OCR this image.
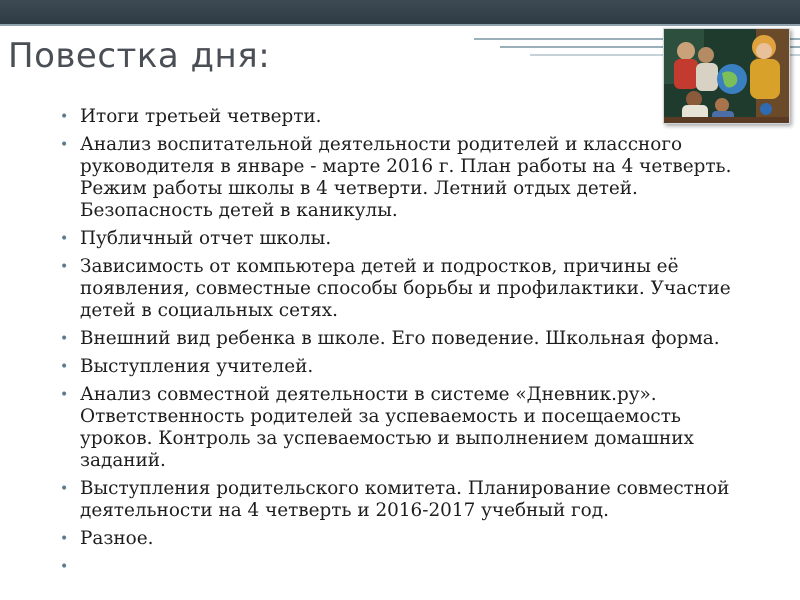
Повестка дня:
• Итоги третьей четверти.
• Анализ воспитательной деятельности родителей и классного руководителя в январе - марте 2016 г. План работы на 4 четверть. Режим работы школы в 4 четверти. Летний отдых детей. Безопасность детей в каникулы.
• Публичный отчет школы.
• Зависимость от компьютера детей и подростков, причины её появления, совместные способы борьбы и профилактики. Участие детей в социальных сетях.
• Внешний вид ребенка в школе. Его поведение. Школьная форма.
• Выступления учителей.
• Анализ совместной деятельности в системе «Дневник.ру». Ответственность родителей за успеваемость и посещаемость уроков. Контроль за успеваемостью и выполнением домашних заданий.
• Выступления родительского комитета. Планирование совместной деятельности на 4 четверть и 2016-2017 учебный год.
• Разное.
•
